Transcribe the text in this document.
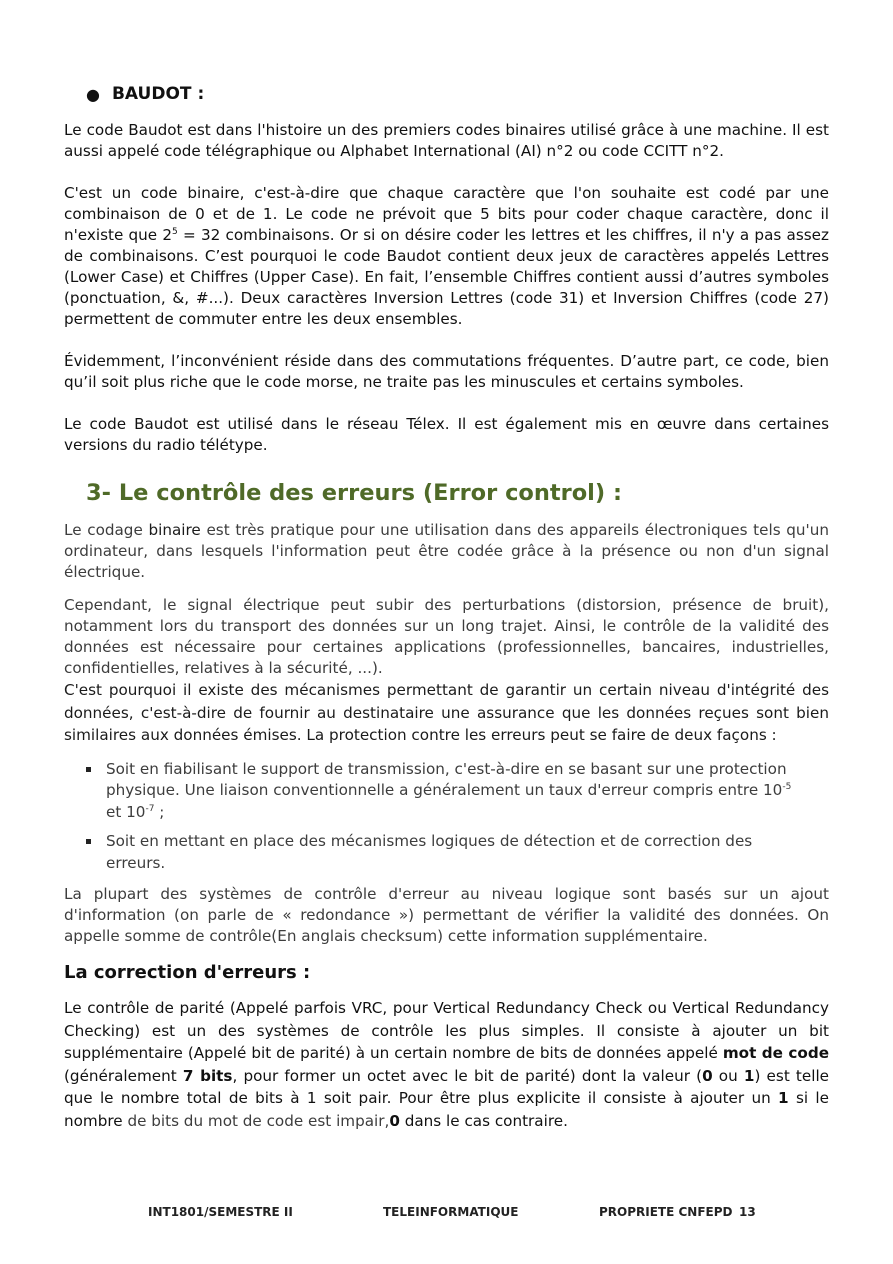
● BAUDOT :

Le code Baudot est dans l'histoire un des premiers codes binaires utilisé grâce à une machine. Il est aussi appelé code télégraphique ou Alphabet International (AI) n°2 ou code CCITT n°2.

C'est un code binaire, c'est-à-dire que chaque caractère que l'on souhaite est codé par une combinaison de 0 et de 1. Le code ne prévoit que 5 bits pour coder chaque caractère, donc il n'existe que $2^5 = 32$ combinaisons. Or si on désire coder les lettres et les chiffres, il n'y a pas assez de combinaisons. C’est pourquoi le code Baudot contient deux jeux de caractères appelés Lettres (Lower Case) et Chiffres (Upper Case). En fait, l’ensemble Chiffres contient aussi d’autres symboles (ponctuation, &, #...). Deux caractères Inversion Lettres (code 31) et Inversion Chiffres (code 27) permettent de commuter entre les deux ensembles.

Évidemment, l’inconvénient réside dans des commutations fréquentes. D’autre part, ce code, bien qu’il soit plus riche que le code morse, ne traite pas les minuscules et certains symboles.

Le code Baudot est utilisé dans le réseau Télex. Il est également mis en œuvre dans certaines versions du radio télétype.

3- Le contrôle des erreurs (Error control) :

Le codage binaire est très pratique pour une utilisation dans des appareils électroniques tels qu'un ordinateur, dans lesquels l'information peut être codée grâce à la présence ou non d'un signal électrique.

Cependant, le signal électrique peut subir des perturbations (distorsion, présence de bruit), notamment lors du transport des données sur un long trajet. Ainsi, le contrôle de la validité des données est nécessaire pour certaines applications (professionnelles, bancaires, industrielles, confidentielles, relatives à la sécurité, ...).

C'est pourquoi il existe des mécanismes permettant de garantir un certain niveau d'intégrité des données, c'est-à-dire de fournir au destinataire une assurance que les données reçues sont bien similaires aux données émises. La protection contre les erreurs peut se faire de deux façons :

Soit en fiabilisant le support de transmission, c'est-à-dire en se basant sur une protection physique. Une liaison conventionnelle a généralement un taux d'erreur compris entre $10^{-5}$ et $10^{-7}$ ;
Soit en mettant en place des mécanismes logiques de détection et de correction des erreurs.

La plupart des systèmes de contrôle d'erreur au niveau logique sont basés sur un ajout d'information (on parle de « redondance ») permettant de vérifier la validité des données. On appelle somme de contrôle(En anglais checksum) cette information supplémentaire.

La correction d'erreurs :

Le contrôle de parité (Appelé parfois VRC, pour Vertical Redundancy Check ou Vertical Redundancy Checking) est un des systèmes de contrôle les plus simples. Il consiste à ajouter un bit supplémentaire (Appelé bit de parité) à un certain nombre de bits de données appelé mot de code (généralement 7 bits, pour former un octet avec le bit de parité) dont la valeur (0 ou 1) est telle que le nombre total de bits à 1 soit pair. Pour être plus explicite il consiste à ajouter un 1 si le nombre de bits du mot de code est impair,0 dans le cas contraire.

INT1801/SEMESTRE II	TELEINFORMATIQUE	PROPRIETE CNFEPD 13
